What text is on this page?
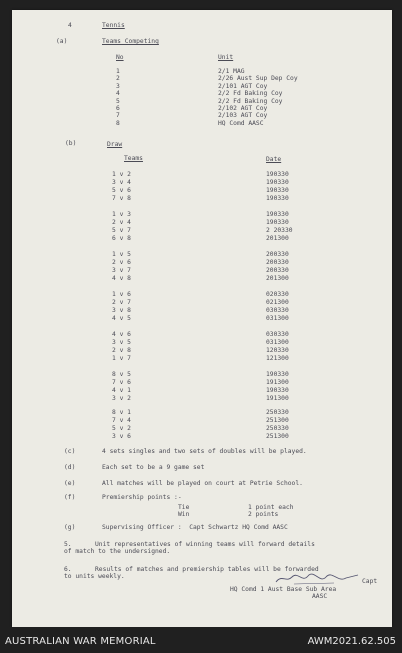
4	Tennis
(a)	Teams Competing
No	Unit
1	2/1 MAG
2	2/26 Aust Sup Dep Coy
3	2/101 AGT Coy
4	2/2 Fd Baking Coy
5	2/2 Fd Baking Coy
6	2/102 AGT Coy
7	2/103 AGT Coy
8	HQ Comd AASC
(b)	Draw
Teams	Date
1 v 2	190330
3 v 4	190330
5 v 6	190330
7 v 8	190330
1 v 3	190330
2 v 4	190330
5 v 7	2 20330
6 v 8	201300
1 v 5	200330
2 v 6	200330
3 v 7	200330
4 v 8	201300
1 v 6	020330
2 v 7	021300
3 v 8	030330
4 v 5	031300
4 v 6	030330
3 v 5	031300
2 v 8	120330
1 v 7	121300
8 v 5	190330
7 v 6	191300
4 v 1	190330
3 v 2	191300
8 v 1	250330
7 v 4	251300
5 v 2	250330
3 v 6	251300
(c)	4 sets singles and two sets of doubles will be played.
(d)	Each set to be a 9 game set
(e)	All matches will be played on court at Petrie School.
(f)	Premiership points :-
Tie	1 point each
Win	2 points
(g)	Supervising Officer :  Capt Schwartz HQ Comd AASC
5.	Unit representatives of winning teams will forward details
of match to the undersigned.
6.	Results of matches and premiership tables will be forwarded
to units weekly.
Capt
HQ Comd 1 Aust Base Sub Area
AASC
AUSTRALIAN WAR MEMORIAL	AWM2021.62.505
